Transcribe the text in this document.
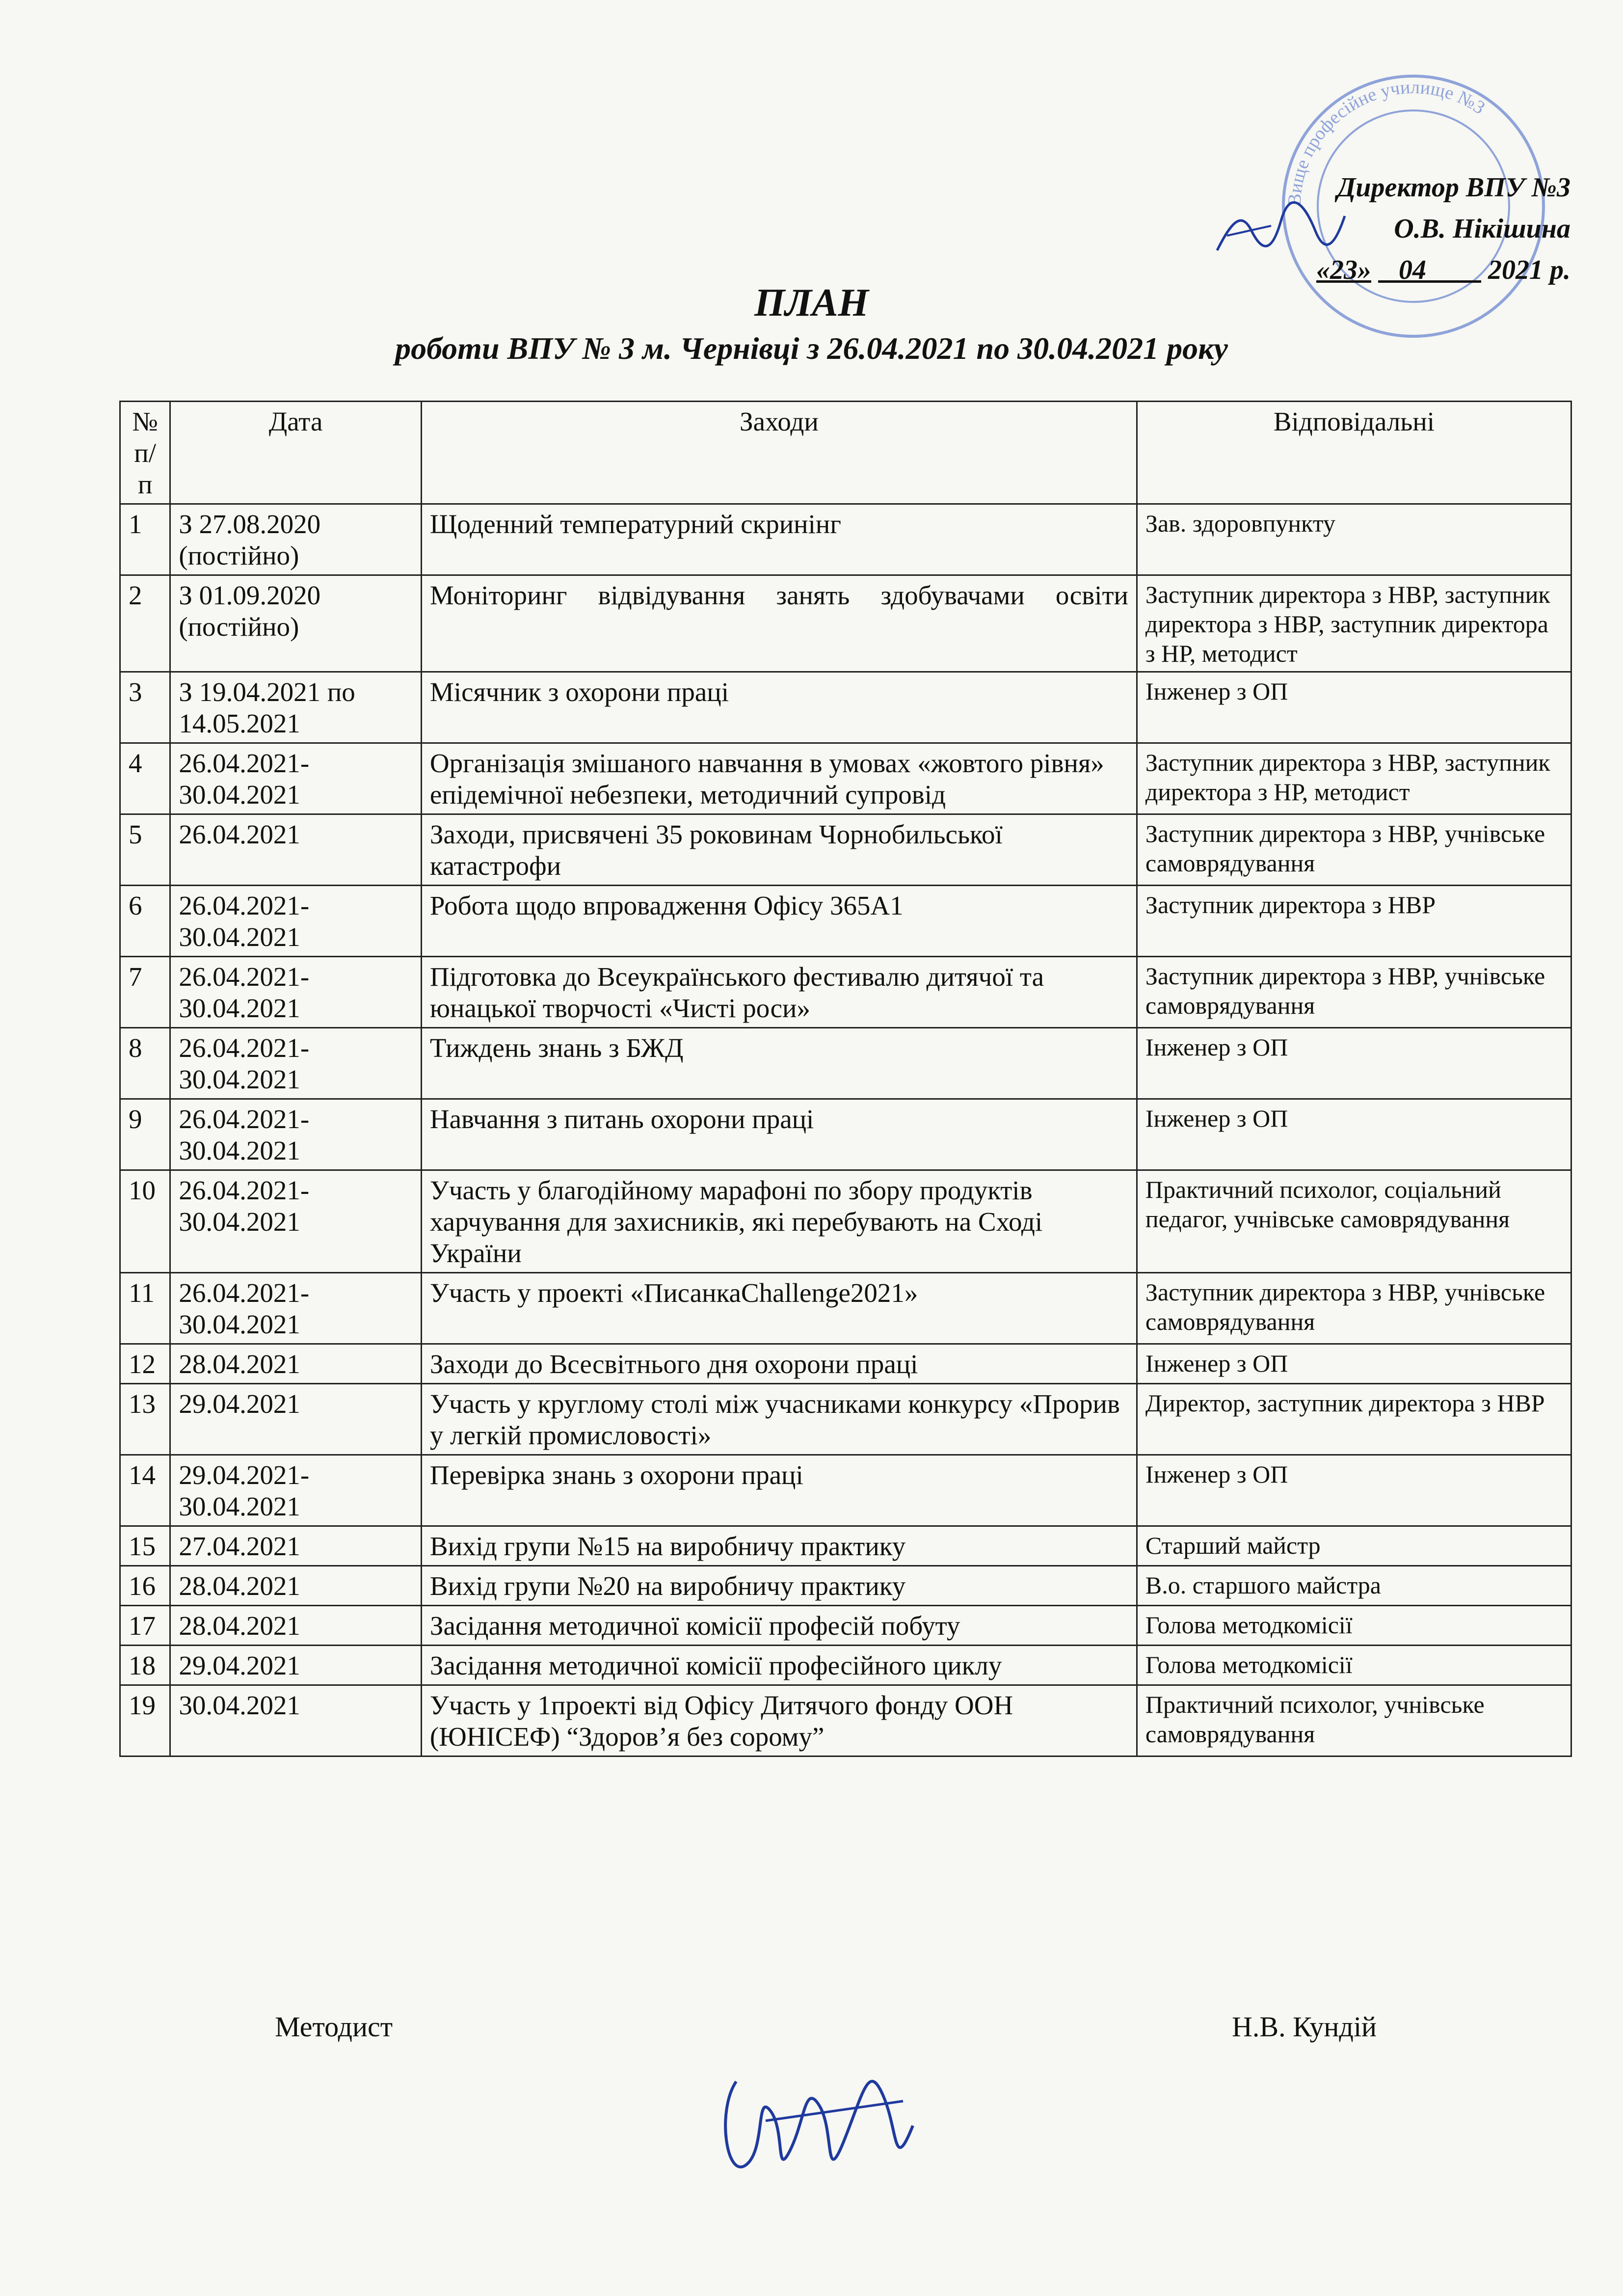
Вище професійне училище №3
Директор ВПУ №3
О.В. Нікішина
«23» 04 2021 р.
ПЛАН
роботи ВПУ № 3 м. Чернівці з 26.04.2021 по 30.04.2021 року
№ п/п	Дата	Заходи	Відповідальні
1	З 27.08.2020 (постійно)	Щоденний температурний скринінг	Зав. здоровпункту
2	З 01.09.2020 (постійно)	Моніторинг відвідування занять здобувачами освіти	Заступник директора з НВР, заступник директора з НВР, заступник директора з НР, методист
3	З 19.04.2021 по 14.05.2021	Місячник з охорони праці	Інженер з ОП
4	26.04.2021- 30.04.2021	Організація змішаного навчання в умовах «жовтого рівня» епідемічної небезпеки, методичний супровід	Заступник директора з НВР, заступник директора з НР, методист
5	26.04.2021	Заходи, присвячені 35 роковинам Чорнобильської катастрофи	Заступник директора з НВР, учнівське самоврядування
6	26.04.2021- 30.04.2021	Робота щодо впровадження Офісу 365А1	Заступник директора з НВР
7	26.04.2021- 30.04.2021	Підготовка до Всеукраїнського фестивалю дитячої та юнацької творчості «Чисті роси»	Заступник директора з НВР, учнівське самоврядування
8	26.04.2021- 30.04.2021	Тиждень знань з БЖД	Інженер з ОП
9	26.04.2021- 30.04.2021	Навчання з питань охорони праці	Інженер з ОП
10	26.04.2021- 30.04.2021	Участь у благодійному марафоні по збору продуктів харчування для захисників, які перебувають на Сході України	Практичний психолог, соціальний педагог, учнівське самоврядування
11	26.04.2021- 30.04.2021	Участь у проекті «ПисанкаChallenge2021»	Заступник директора з НВР, учнівське самоврядування
12	28.04.2021	Заходи до Всесвітнього дня охорони праці	Інженер з ОП
13	29.04.2021	Участь у круглому столі між учасниками конкурсу «Прорив у легкій промисловості»	Директор, заступник директора з НВР
14	29.04.2021- 30.04.2021	Перевірка знань з охорони праці	Інженер з ОП
15	27.04.2021	Вихід групи №15 на виробничу практику	Старший майстр
16	28.04.2021	Вихід групи №20 на виробничу практику	В.о. старшого майстра
17	28.04.2021	Засідання методичної комісії професій побуту	Голова методкомісії
18	29.04.2021	Засідання методичної комісії професійного циклу	Голова методкомісії
19	30.04.2021	Участь у 1проекті від Офісу Дитячого фонду ООН (ЮНІСЕФ) “Здоров’я без сорому”	Практичний психолог, учнівське самоврядування
Методист	Н.В. Кундій
